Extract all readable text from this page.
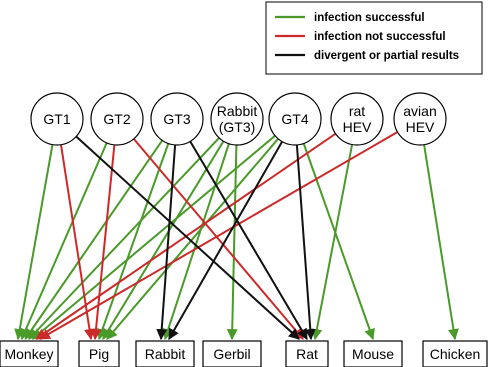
infection successful
infection not successful
divergent or partial results
GT1 GT2 GT3 Rabbit
(GT3) GT4	rat
HEV
avian
HEV
Monkey	Pig	Rabbit Gerbil	Rat Mouse	Chicken
